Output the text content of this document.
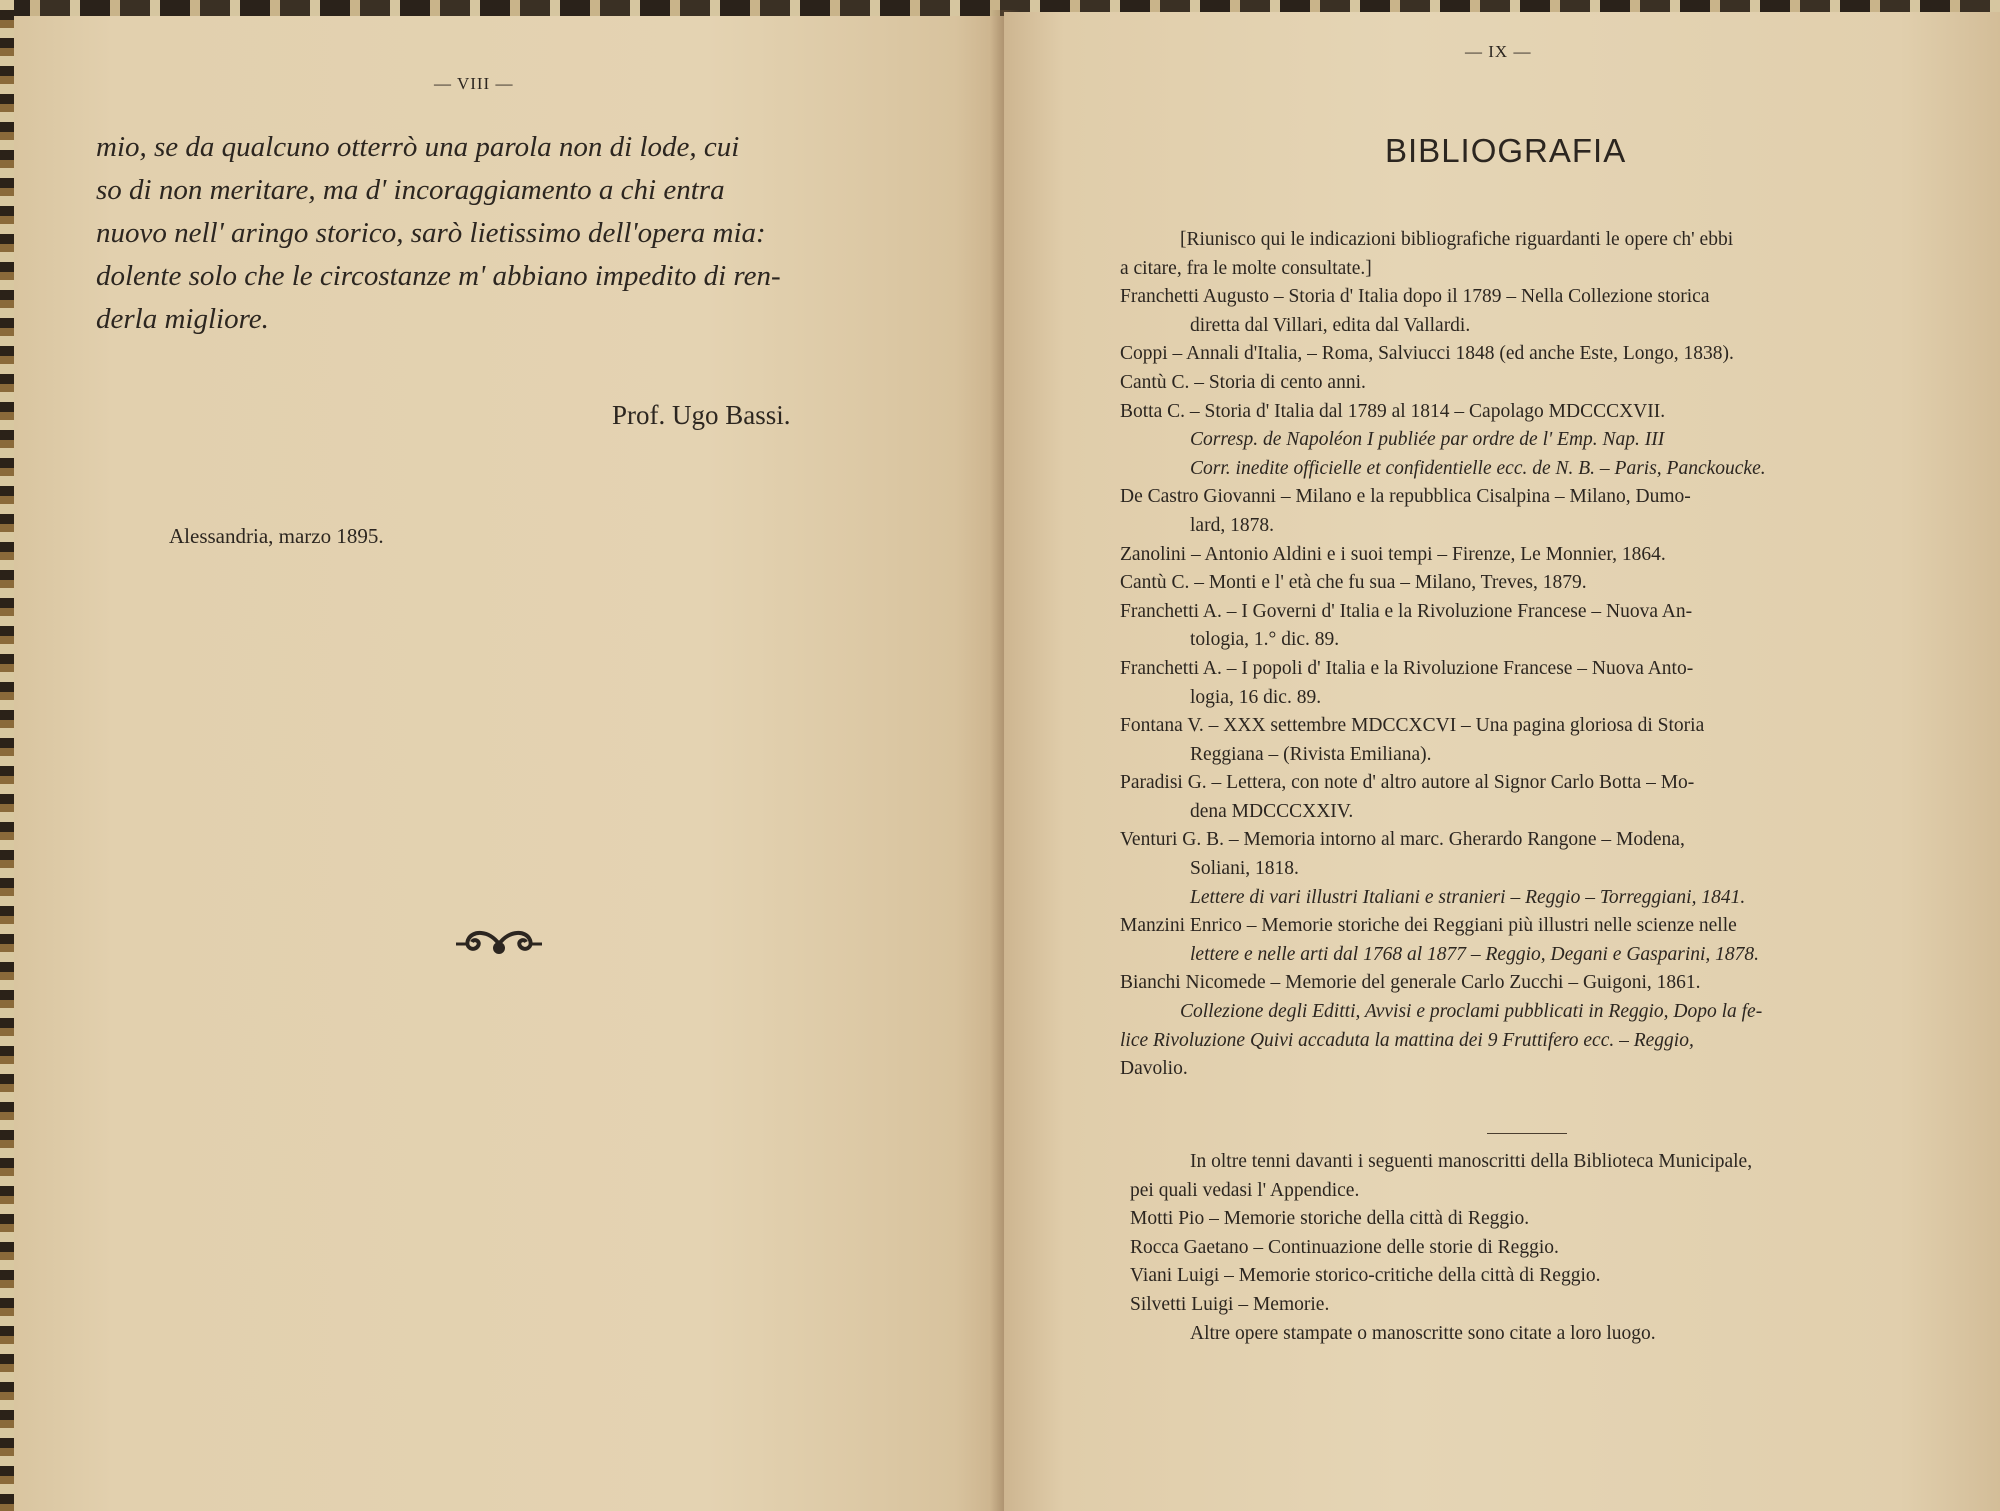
— VIII —
mio, se da qualcuno otterrò una parola non di lode, cui
so di non meritare, ma d' incoraggiamento a chi entra
nuovo nell' aringo storico, sarò lietissimo dell'opera mia:
dolente solo che le circostanze m' abbiano impedito di ren-
derla migliore.
Prof. Ugo Bassi.
Alessandria, marzo 1895.
— IX —
BIBLIOGRAFIA
[Riunisco qui le indicazioni bibliografiche riguardanti le opere ch' ebbi
a citare, fra le molte consultate.]
Franchetti Augusto – Storia d' Italia dopo il 1789 – Nella Collezione storica
diretta dal Villari, edita dal Vallardi.
Coppi – Annali d'Italia, – Roma, Salviucci 1848 (ed anche Este, Longo, 1838).
Cantù C. – Storia di cento anni.
Botta C. – Storia d' Italia dal 1789 al 1814 – Capolago MDCCCXVII.
Corresp. de Napoléon I publiée par ordre de l' Emp. Nap. III
Corr. inedite officielle et confidentielle ecc. de N. B. – Paris, Panckoucke.
De Castro Giovanni – Milano e la repubblica Cisalpina – Milano, Dumo-
lard, 1878.
Zanolini – Antonio Aldini e i suoi tempi – Firenze, Le Monnier, 1864.
Cantù C. – Monti e l' età che fu sua – Milano, Treves, 1879.
Franchetti A. – I Governi d' Italia e la Rivoluzione Francese – Nuova An-
tologia, 1.° dic. 89.
Franchetti A. – I popoli d' Italia e la Rivoluzione Francese – Nuova Anto-
logia, 16 dic. 89.
Fontana V. – XXX settembre MDCCXCVI – Una pagina gloriosa di Storia
Reggiana – (Rivista Emiliana).
Paradisi G. – Lettera, con note d' altro autore al Signor Carlo Botta – Mo-
dena MDCCCXXIV.
Venturi G. B. – Memoria intorno al marc. Gherardo Rangone – Modena,
Soliani, 1818.
Lettere di vari illustri Italiani e stranieri – Reggio – Torreggiani, 1841.
Manzini Enrico – Memorie storiche dei Reggiani più illustri nelle scienze nelle
lettere e nelle arti dal 1768 al 1877 – Reggio, Degani e Gasparini, 1878.
Bianchi Nicomede – Memorie del generale Carlo Zucchi – Guigoni, 1861.
Collezione degli Editti, Avvisi e proclami pubblicati in Reggio, Dopo la fe-
lice Rivoluzione Quivi accaduta la mattina dei 9 Fruttifero ecc. – Reggio,
Davolio.
In oltre tenni davanti i seguenti manoscritti della Biblioteca Municipale,
pei quali vedasi l' Appendice.
Motti Pio – Memorie storiche della città di Reggio.
Rocca Gaetano – Continuazione delle storie di Reggio.
Viani Luigi – Memorie storico-critiche della città di Reggio.
Silvetti Luigi – Memorie.
Altre opere stampate o manoscritte sono citate a loro luogo.
